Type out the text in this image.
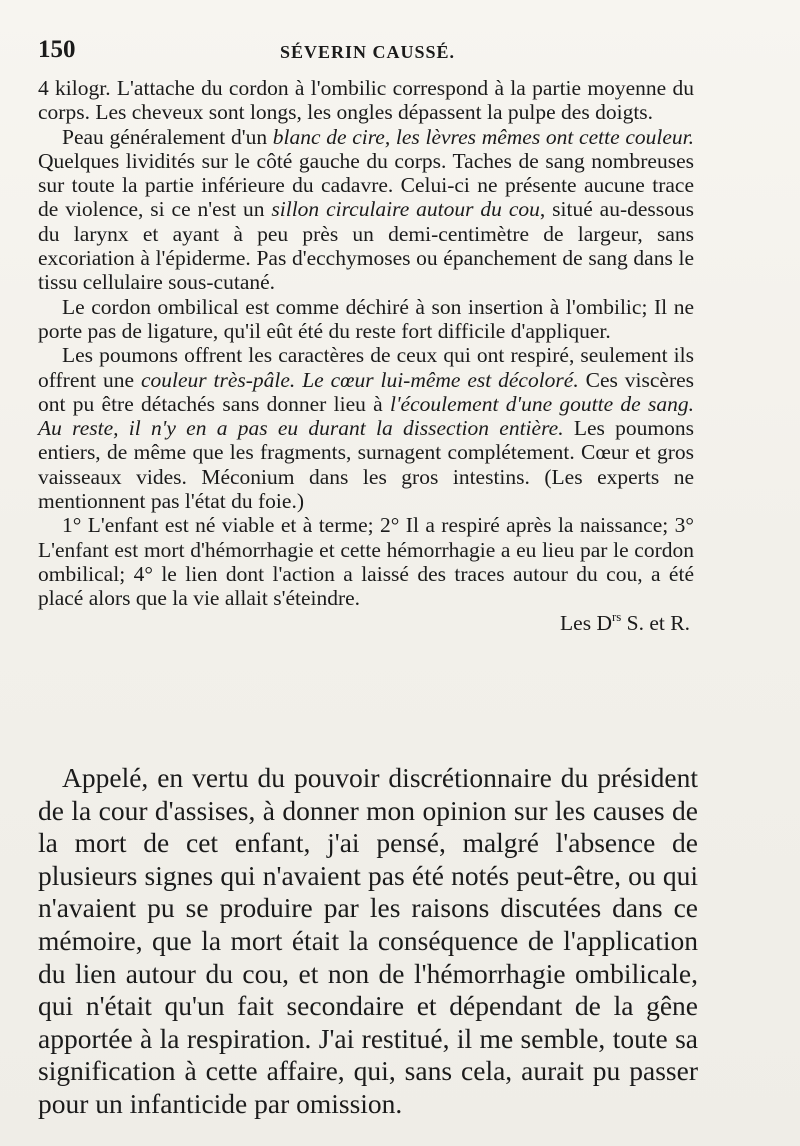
150	SÉVERIN CAUSSÉ.

4 kilogr. L'attache du cordon à l'ombilic correspond à la partie moyenne du corps. Les cheveux sont longs, les ongles dépassent la pulpe des doigts.

Peau généralement d'un blanc de cire, les lèvres mêmes ont cette couleur. Quelques lividités sur le côté gauche du corps. Taches de sang nombreuses sur toute la partie inférieure du cadavre. Celui-ci ne présente aucune trace de violence, si ce n'est un sillon circulaire autour du cou, situé au-dessous du larynx et ayant à peu près un demi-centimètre de largeur, sans excoriation à l'épiderme. Pas d'ecchymoses ou épanchement de sang dans le tissu cellulaire sous-cutané.

Le cordon ombilical est comme déchiré à son insertion à l'ombilic; Il ne porte pas de ligature, qu'il eût été du reste fort difficile d'appliquer.

Les poumons offrent les caractères de ceux qui ont respiré, seulement ils offrent une couleur très-pâle. Le cœur lui-même est décoloré. Ces viscères ont pu être détachés sans donner lieu à l'écoulement d'une goutte de sang. Au reste, il n'y en a pas eu durant la dissection entière. Les poumons entiers, de même que les fragments, surnagent complétement. Cœur et gros vaisseaux vides. Méconium dans les gros intestins. (Les experts ne mentionnent pas l'état du foie.)

1° L'enfant est né viable et à terme; 2° Il a respiré après la naissance; 3° L'enfant est mort d'hémorrhagie et cette hémorrhagie a eu lieu par le cordon ombilical; 4° le lien dont l'action a laissé des traces autour du cou, a été placé alors que la vie allait s'éteindre.

Les $D^{rs}$ S. et R.

Appelé, en vertu du pouvoir discrétionnaire du président de la cour d'assises, à donner mon opinion sur les causes de la mort de cet enfant, j'ai pensé, malgré l'absence de plusieurs signes qui n'avaient pas été notés peut-être, ou qui n'avaient pu se produire par les raisons discutées dans ce mémoire, que la mort était la conséquence de l'application du lien autour du cou, et non de l'hémorrhagie ombilicale, qui n'était qu'un fait secondaire et dépendant de la gêne apportée à la respiration. J'ai restitué, il me semble, toute sa signification à cette affaire, qui, sans cela, aurait pu passer pour un infanticide par omission.
